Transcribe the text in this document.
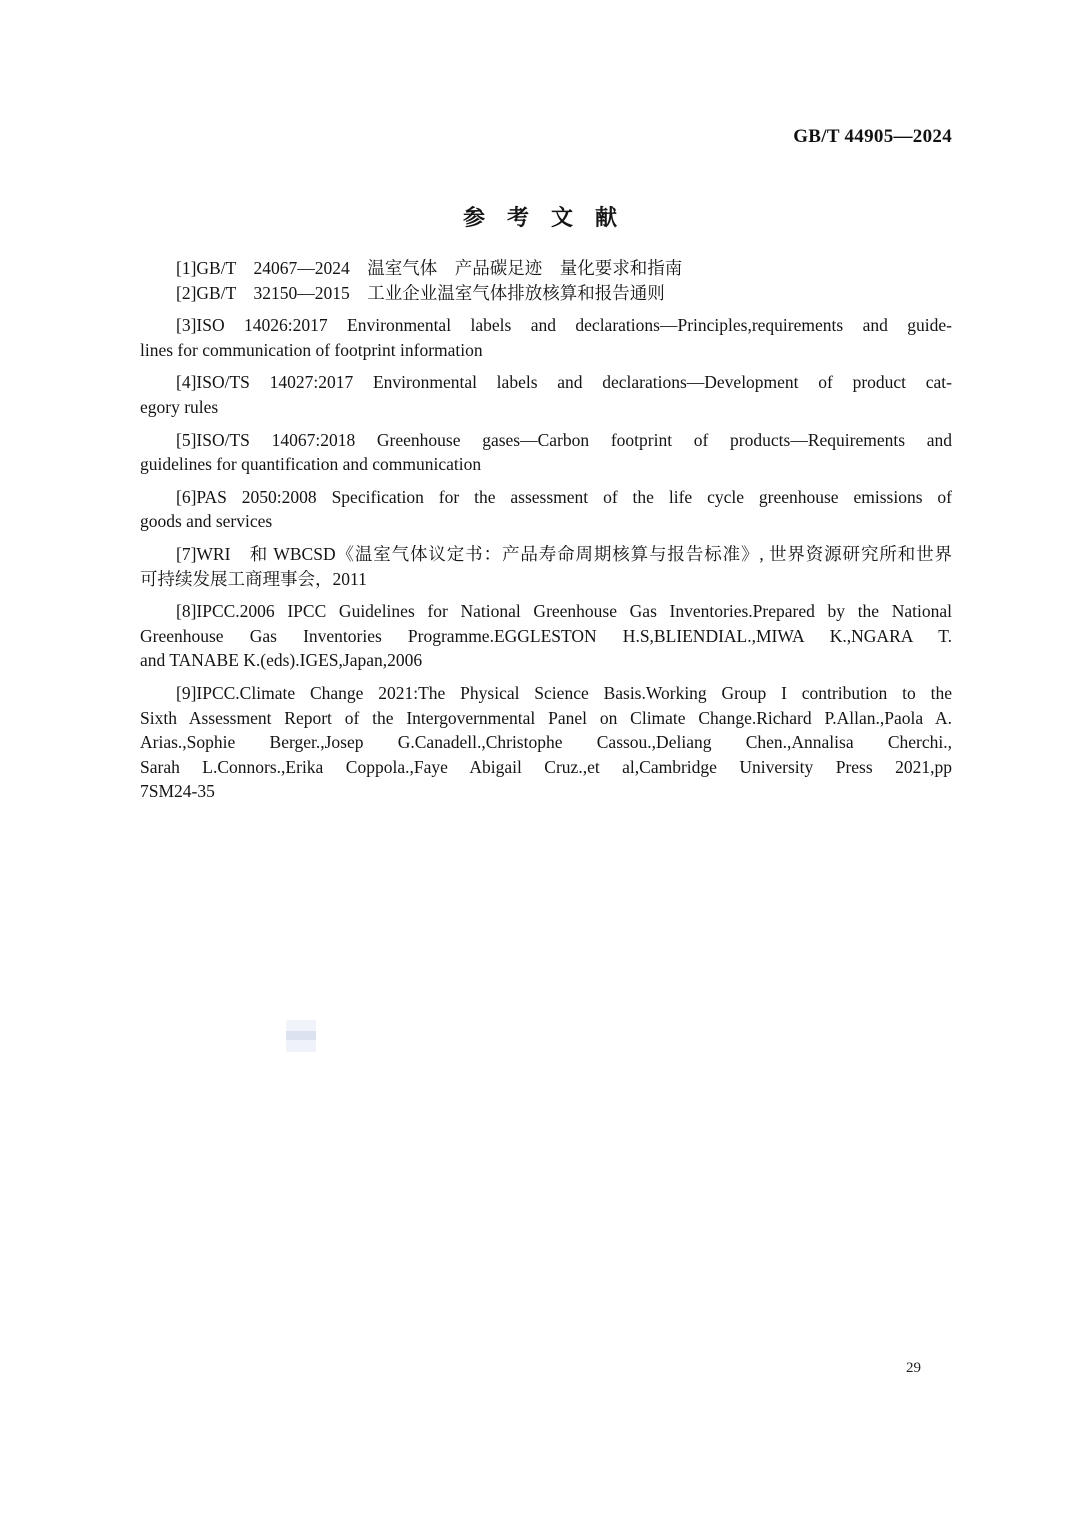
GB/T 44905—2024
参　考　文　献

[1]GB/T　24067—2024　温室气体　产品碳足迹　量化要求和指南

[2]GB/T　32150—2015　工业企业温室气体排放核算和报告通则

[3]ISO 14026:2017 Environmental labels and declarations—Principles,requirements and guide-
lines for communication of footprint information

[4]ISO/TS 14027:2017 Environmental labels and declarations—Development of product cat-
egory rules

[5]ISO/TS 14067:2018 Greenhouse gases—Carbon footprint of products—Requirements and
guidelines for quantification and communication

[6]PAS 2050:2008 Specification for the assessment of the life cycle greenhouse emissions of
goods and services

[7]WRI　和 WBCSD《温室气体议定书：产品寿命周期核算与报告标准》, 世界资源研究所和世界
可持续发展工商理事会，2011

[8]IPCC.2006 IPCC Guidelines for National Greenhouse Gas Inventories.Prepared by the National
Greenhouse Gas Inventories Programme.EGGLESTON H.S,BLIENDIAL.,MIWA K.,NGARA T.
and TANABE K.(eds).IGES,Japan,2006

[9]IPCC.Climate Change 2021:The Physical Science Basis.Working Group I contribution to the
Sixth Assessment Report of the Intergovernmental Panel on Climate Change.Richard P.Allan.,Paola A.
Arias.,Sophie Berger.,Josep G.Canadell.,Christophe Cassou.,Deliang Chen.,Annalisa Cherchi.,
Sarah L.Connors.,Erika Coppola.,Faye Abigail Cruz.,et al,Cambridge University Press 2021,pp
7SM24-35

29
